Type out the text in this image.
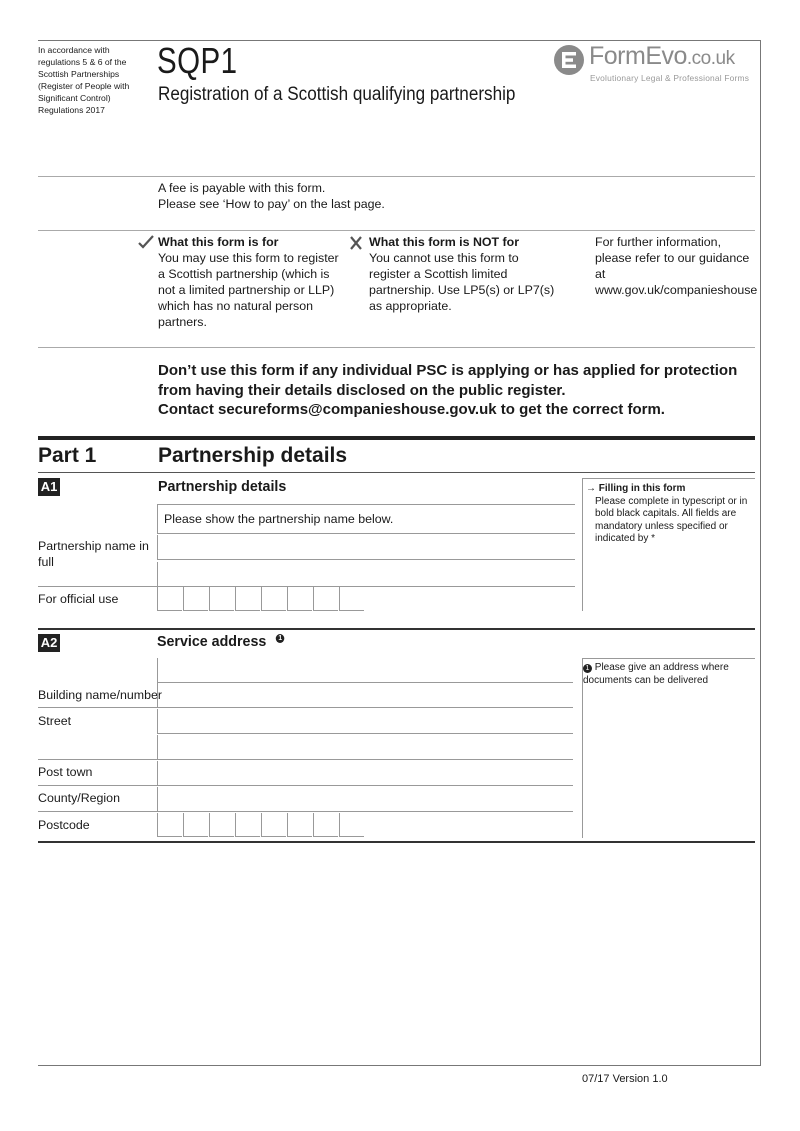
In accordance with regulations 5 & 6 of the Scottish Partnerships (Register of People with Significant Control) Regulations 2017
SQP1
Registration of a Scottish qualifying partnership
FormEvo.co.uk
Evolutionary Legal & Professional Forms
A fee is payable with this form.
Please see ‘How to pay’ on the last page.
What this form is for
You may use this form to register a Scottish partnership (which is not a limited partnership or LLP) which has no natural person partners.
What this form is NOT for
You cannot use this form to register a Scottish limited partnership. Use LP5(s) or LP7(s) as appropriate.
For further information, please refer to our guidance at www.gov.uk/companieshouse
Don’t use this form if any individual PSC is applying or has applied for protection
from having their details disclosed on the public register.
Contact secureforms@companieshouse.gov.uk to get the correct form.
Part 1	Partnership details
A1	Partnership details
Please show the partnership name below.
Partnership name in full
For official use
→ Filling in this form
Please complete in typescript or in bold black capitals. All fields are mandatory unless specified or indicated by *
A2	Service address 1
Building name/number
Street
Post town
County/Region
Postcode
1 Please give an address where documents can be delivered
07/17 Version 1.0
